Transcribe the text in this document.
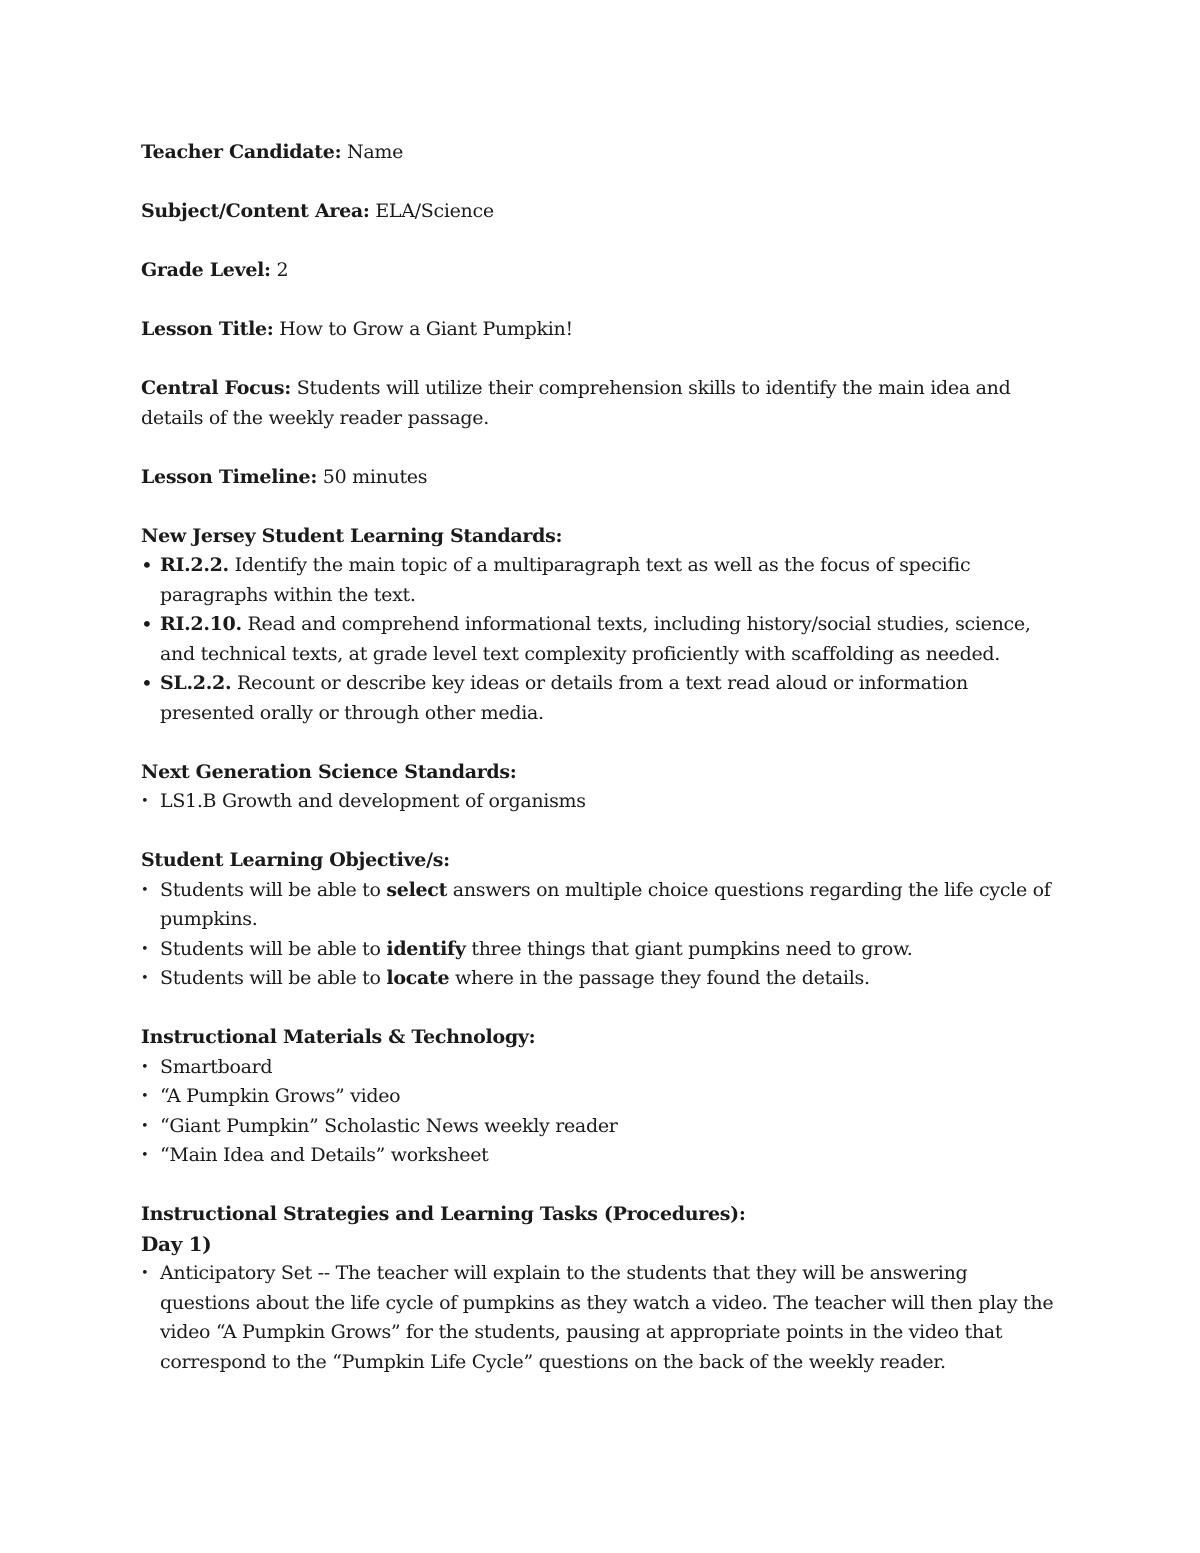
Teacher Candidate: Name

Subject/Content Area: ELA/Science

Grade Level: 2

Lesson Title: How to Grow a Giant Pumpkin!

Central Focus: Students will utilize their comprehension skills to identify the main idea and details of the weekly reader passage.

Lesson Timeline: 50 minutes

New Jersey Student Learning Standards:

• RI.2.2. Identify the main topic of a multiparagraph text as well as the focus of specific paragraphs within the text.
• RI.2.10. Read and comprehend informational texts, including history/social studies, science, and technical texts, at grade level text complexity proficiently with scaffolding as needed.
• SL.2.2. Recount or describe key ideas or details from a text read aloud or information presented orally or through other media.

Next Generation Science Standards:

• LS1.B Growth and development of organisms

Student Learning Objective/s:

• Students will be able to select answers on multiple choice questions regarding the life cycle of pumpkins.
• Students will be able to identify three things that giant pumpkins need to grow.
• Students will be able to locate where in the passage they found the details.

Instructional Materials & Technology:

• Smartboard
• “A Pumpkin Grows” video
• “Giant Pumpkin” Scholastic News weekly reader
• “Main Idea and Details” worksheet

Instructional Strategies and Learning Tasks (Procedures):

Day 1)

• Anticipatory Set -- The teacher will explain to the students that they will be answering questions about the life cycle of pumpkins as they watch a video. The teacher will then play the video “A Pumpkin Grows” for the students, pausing at appropriate points in the video that correspond to the “Pumpkin Life Cycle” questions on the back of the weekly reader.
